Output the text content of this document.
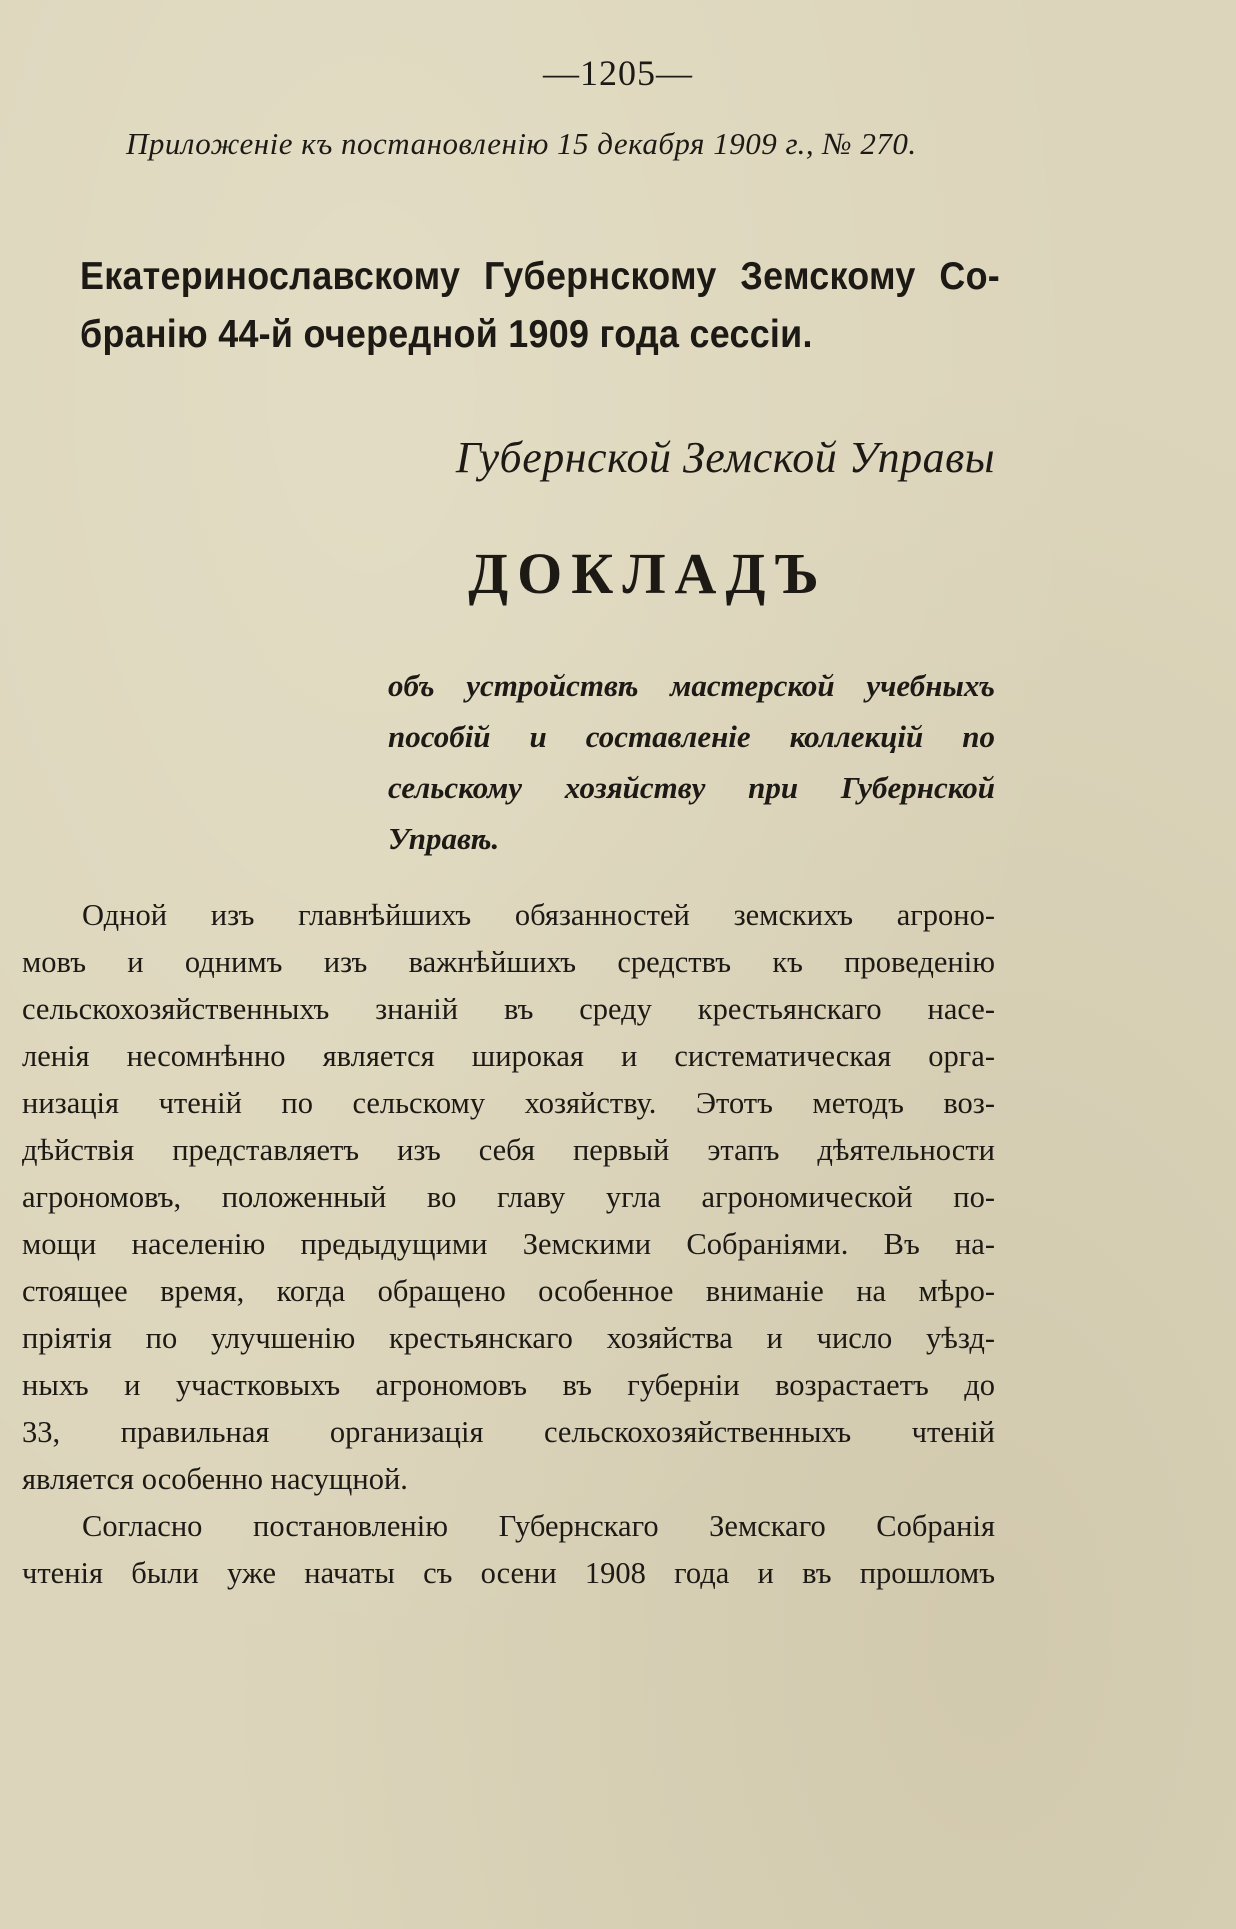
—1205—
Приложеніе къ постановленію 15 декабря 1909 г., № 270.
Екатеринославскому Губернскому Земскому Со-
бранію 44-й очередной 1909 года сессіи.
Губернской Земской Управы
ДОКЛАДЪ
объ устройствѣ мастерской учебныхъ
пособій и составленіе коллекцій по
сельскому хозяйству при Губернской
Управѣ.
Одной изъ главнѣйшихъ обязанностей земскихъ агроно-
мовъ и однимъ изъ важнѣйшихъ средствъ къ проведенію
сельскохозяйственныхъ знаній въ среду крестьянскаго насе-
ленія несомнѣнно является широкая и систематическая орга-
низація чтеній по сельскому хозяйству. Этотъ методъ воз-
дѣйствія представляетъ изъ себя первый этапъ дѣятельности
агрономовъ, положенный во главу угла агрономической по-
мощи населенію предыдущими Земскими Собраніями. Въ на-
стоящее время, когда обращено особенное вниманіе на мѣро-
пріятія по улучшенію крестьянскаго хозяйства и число уѣзд-
ныхъ и участковыхъ агрономовъ въ губерніи возрастаетъ до
33, правильная организація сельскохозяйственныхъ чтеній
является особенно насущной.
Согласно постановленію Губернскаго Земскаго Собранія
чтенія были уже начаты съ осени 1908 года и въ прошломъ
